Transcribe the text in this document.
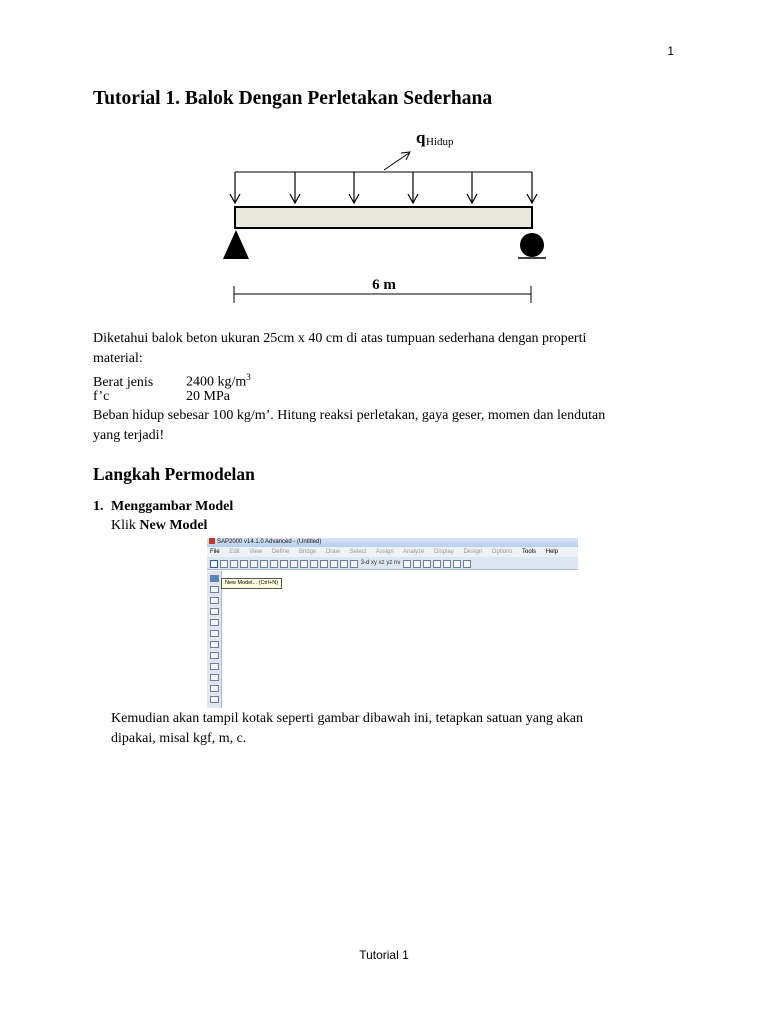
1
Tutorial 1. Balok Dengan Perletakan Sederhana
q Hidup
6 m

Diketahui balok beton ukuran 25cm x 40 cm di atas tumpuan sederhana dengan properti
material:

Berat jenis 2400 $kg/m^3$
f’c	20 MPa

Beban hidup sebesar 100 kg/m’. Hitung reaksi perletakan, gaya geser, momen dan lendutan
yang terjadi!

Langkah Permodelan
1. Menggambar Model
Klik New Model
SAP2000 v14.1.0 Advanced - (Untitled)
File Edit View Define Bridge Draw Select Assign Analyze Display Design Options Tools Help
3-d xy xz yz nv
New Model... (Ctrl+N)

Kemudian akan tampil kotak seperti gambar dibawah ini, tetapkan satuan yang akan
dipakai, misal kgf, m, c.

Tutorial 1
